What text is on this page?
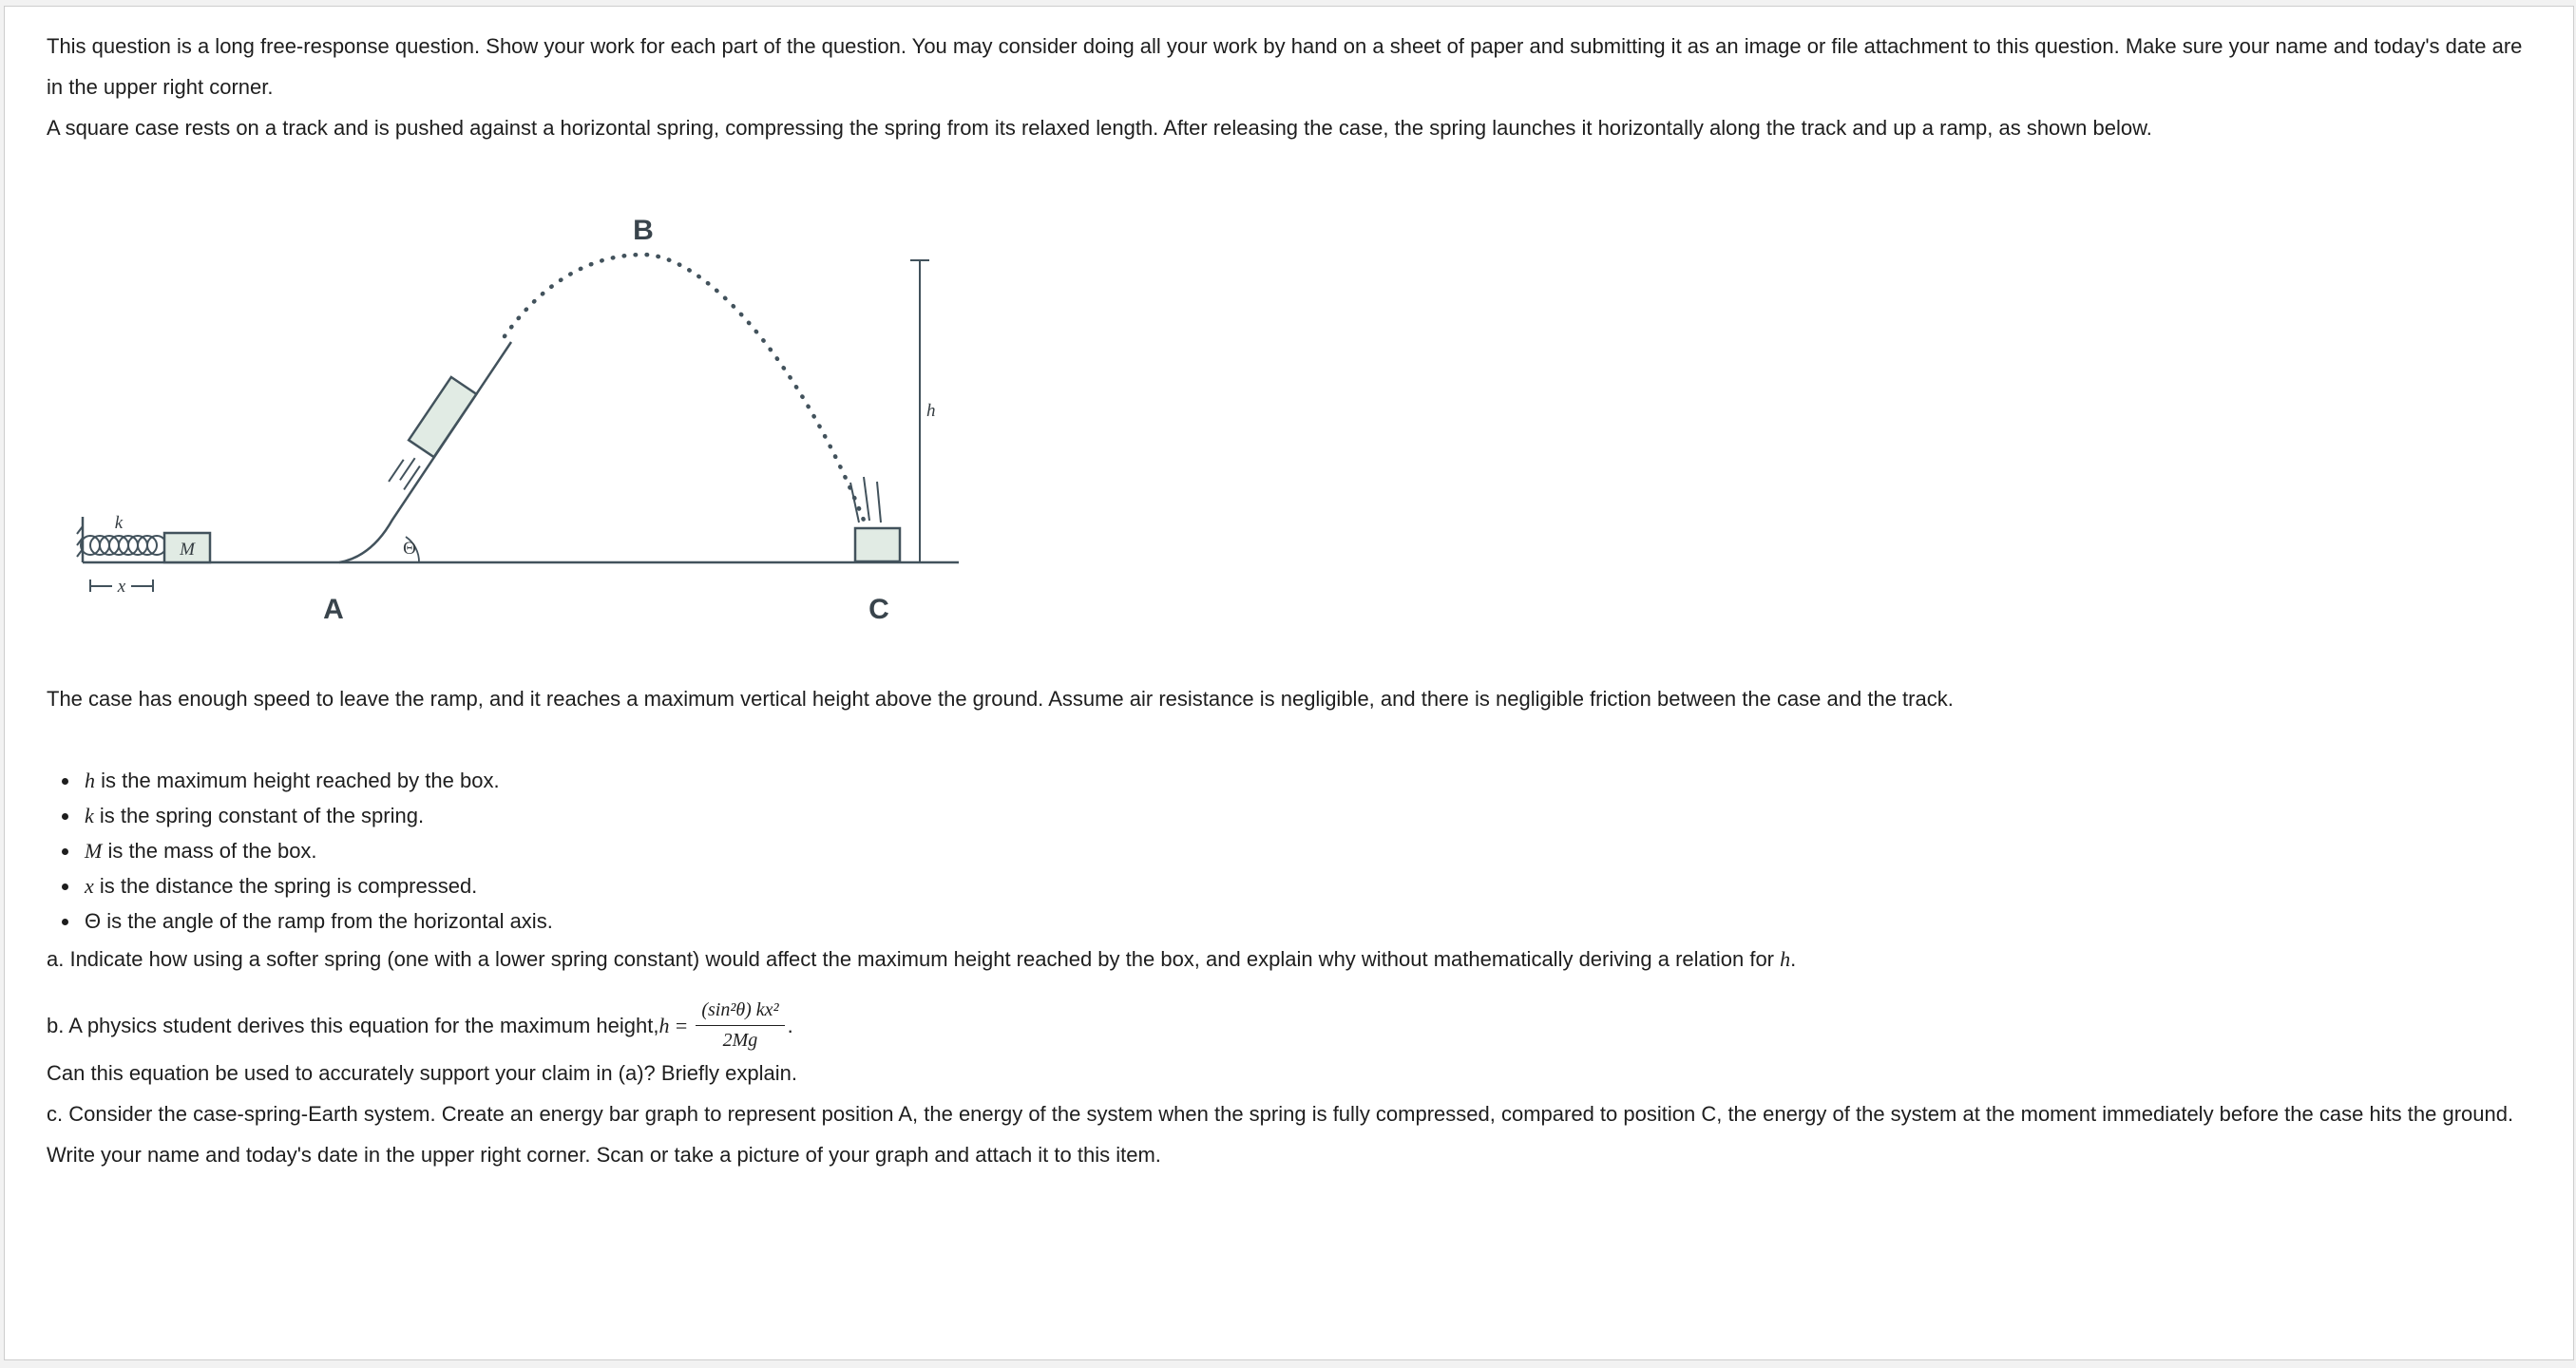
This question is a long free-response question. Show your work for each part of the question. You may consider doing all your work by hand on a sheet of paper and submitting it as an image or file attachment to this question. Make sure your name and today's date are in the upper right corner.

A square case rests on a track and is pushed against a horizontal spring, compressing the spring from its relaxed length. After releasing the case, the spring launches it horizontally along the track and up a ramp, as shown below.

k
M
x
Θ
A
B
C
h

The case has enough speed to leave the ramp, and it reaches a maximum vertical height above the ground. Assume air resistance is negligible, and there is negligible friction between the case and the track.

• h is the maximum height reached by the box.
• k is the spring constant of the spring.
• M is the mass of the box.
• x is the distance the spring is compressed.
• Θ is the angle of the ramp from the horizontal axis.

a. Indicate how using a softer spring (one with a lower spring constant) would affect the maximum height reached by the box, and explain why without mathematically deriving a relation for h.

b. A physics student derives this equation for the maximum height, $h = \frac{\text{(sin²θ) kx²}}{2Mg}$ .

Can this equation be used to accurately support your claim in (a)? Briefly explain.

c. Consider the case-spring-Earth system. Create an energy bar graph to represent position A, the energy of the system when the spring is fully compressed, compared to position C, the energy of the system at the moment immediately before the case hits the ground. Write your name and today's date in the upper right corner. Scan or take a picture of your graph and attach it to this item.
